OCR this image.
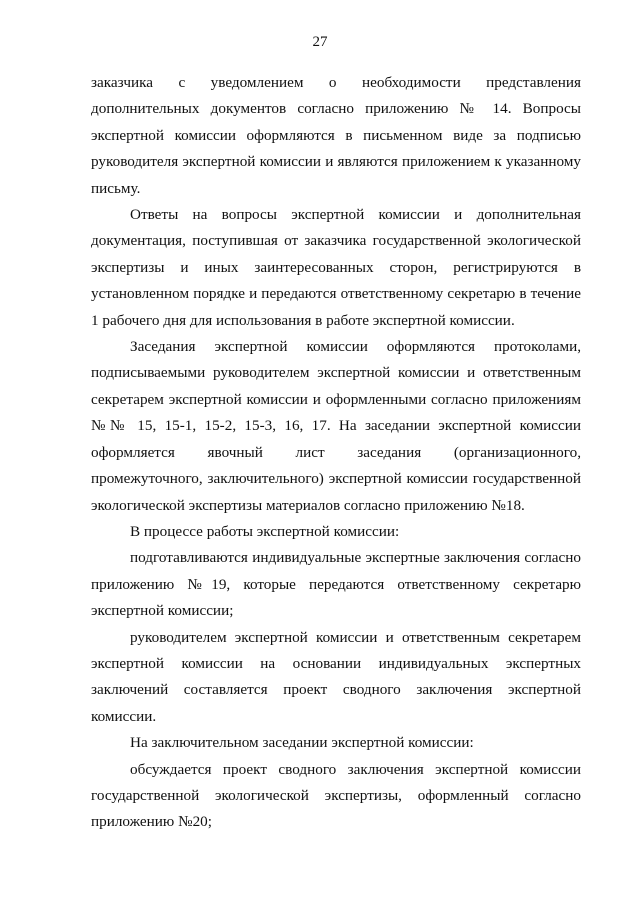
27

заказчика с уведомлением о необходимости представления дополнительных документов согласно приложению № 14. Вопросы экспертной комиссии оформляются в письменном виде за подписью руководителя экспертной комиссии и являются приложением к указанному письму.

Ответы на вопросы экспертной комиссии и дополнительная документация, поступившая от заказчика государственной экологической экспертизы и иных заинтересованных сторон, регистрируются в установленном порядке и передаются ответственному секретарю в течение 1 рабочего дня для использования в работе экспертной комиссии.

Заседания экспертной комиссии оформляются протоколами, подписываемыми руководителем экспертной комиссии и ответственным секретарем экспертной комиссии и оформленными согласно приложениям №№ 15, 15-1, 15-2, 15-3, 16, 17. На заседании экспертной комиссии оформляется явочный лист заседания (организационного, промежуточного, заключительного) экспертной комиссии государственной экологической экспертизы материалов согласно приложению №18.

В процессе работы экспертной комиссии:

подготавливаются индивидуальные экспертные заключения согласно приложению №19, которые передаются ответственному секретарю экспертной комиссии;

руководителем экспертной комиссии и ответственным секретарем экспертной комиссии на основании индивидуальных экспертных заключений составляется проект сводного заключения экспертной комиссии.

На заключительном заседании экспертной комиссии:

обсуждается проект сводного заключения экспертной комиссии государственной экологической экспертизы, оформленный согласно приложению №20;
